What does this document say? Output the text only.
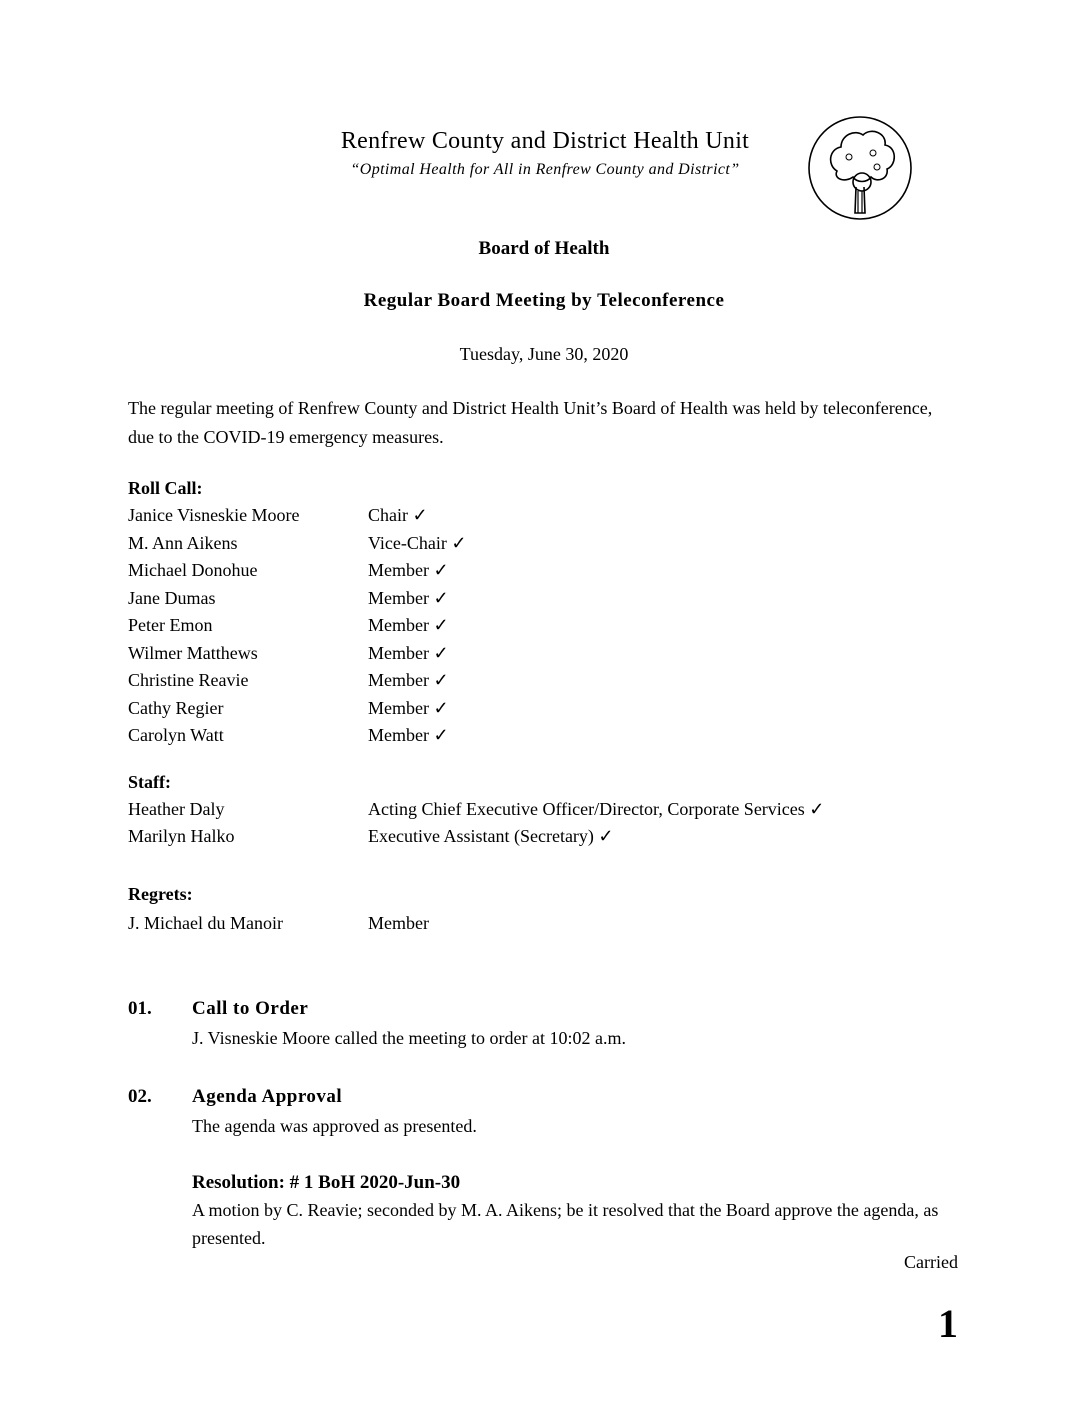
Renfrew County and District Health Unit
“Optimal Health for All in Renfrew County and District”
Board of Health
Regular Board Meeting by Teleconference
Tuesday, June 30, 2020
The regular meeting of Renfrew County and District Health Unit’s Board of Health was held by teleconference, due to the COVID-19 emergency measures.
Roll Call:
Janice Visneskie Moore	Chair ✓
M. Ann Aikens	Vice-Chair ✓
Michael Donohue	Member ✓
Jane Dumas	Member ✓
Peter Emon	Member ✓
Wilmer Matthews	Member ✓
Christine Reavie	Member ✓
Cathy Regier	Member ✓
Carolyn Watt	Member ✓
Staff:
Heather Daly	Acting Chief Executive Officer/Director, Corporate Services ✓
Marilyn Halko	Executive Assistant (Secretary) ✓
Regrets:
J. Michael du Manoir	Member
01. Call to Order
J. Visneskie Moore called the meeting to order at 10:02 a.m.
02. Agenda Approval
The agenda was approved as presented.
Resolution: # 1 BoH 2020-Jun-30
A motion by C. Reavie; seconded by M. A. Aikens; be it resolved that the Board approve the agenda, as presented.
Carried
1
